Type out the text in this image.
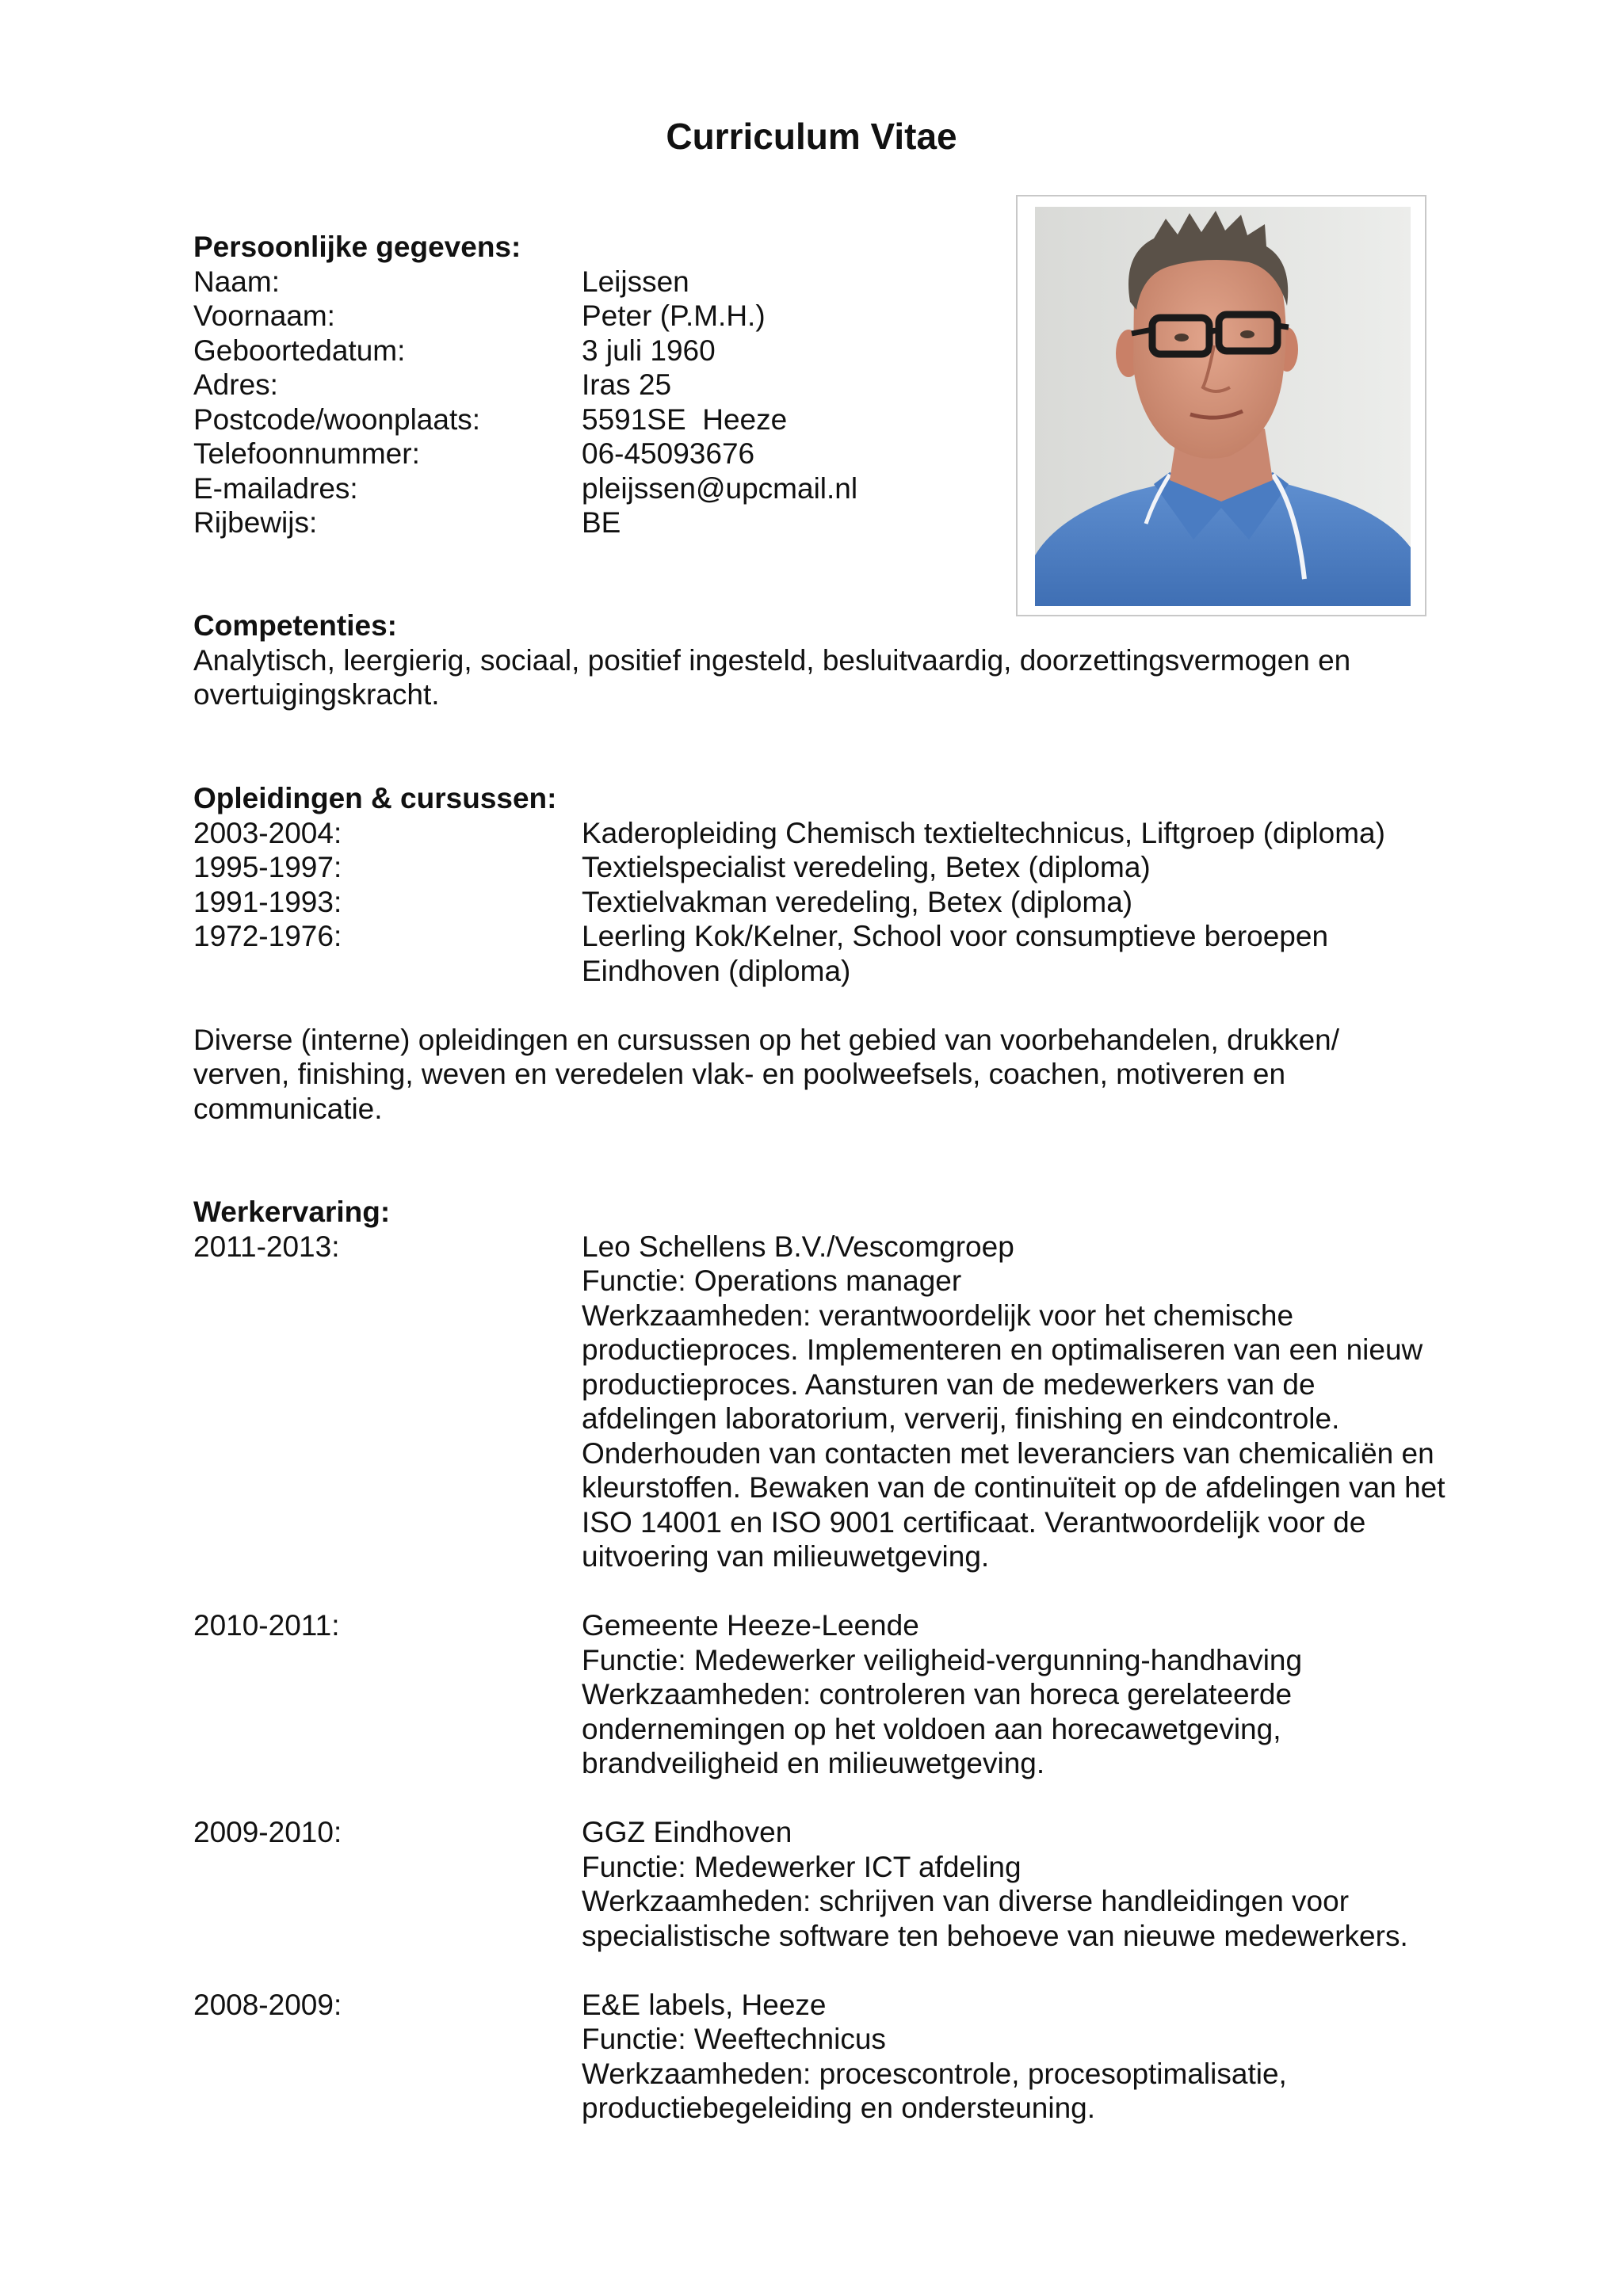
Curriculum Vitae
Persoonlijke gegevens:
Naam:	Leijssen
Voornaam:	Peter (P.M.H.)
Geboortedatum:	3 juli 1960
Adres:	Iras 25
Postcode/woonplaats:	5591SE  Heeze
Telefoonnummer:	06-45093676
E-mailadres:	pleijssen@upcmail.nl
Rijbewijs:	BE
Competenties:

Analytisch, leergierig, sociaal, positief ingesteld, besluitvaardig, doorzettingsvermogen en overtuigingskracht.

Opleidingen & cursussen:
2003-2004:	Kaderopleiding Chemisch textieltechnicus, Liftgroep (diploma)
1995-1997:	Textielspecialist veredeling, Betex (diploma)
1991-1993:	Textielvakman veredeling, Betex (diploma)
1972-1976:	Leerling Kok/Kelner, School voor consumptieve beroepen Eindhoven (diploma)

Diverse (interne) opleidingen en cursussen op het gebied van voorbehandelen, drukken/ verven, finishing, weven en veredelen vlak- en poolweefsels, coachen, motiveren en communicatie.

Werkervaring:
2011-2013:	Leo Schellens B.V./Vescomgroep
Functie: Operations manager
Werkzaamheden: verantwoordelijk voor het chemische productieproces. Implementeren en optimaliseren van een nieuw productieproces. Aansturen van de medewerkers van de afdelingen laboratorium, ververij, finishing en eindcontrole. Onderhouden van contacten met leveranciers van chemicaliën en kleurstoffen. Bewaken van de continuïteit op de afdelingen van het ISO 14001 en ISO 9001 certificaat. Verantwoordelijk voor de uitvoering van milieuwetgeving.
2010-2011:	Gemeente Heeze-Leende
Functie: Medewerker veiligheid-vergunning-handhaving
Werkzaamheden: controleren van horeca gerelateerde ondernemingen op het voldoen aan horecawetgeving, brandveiligheid en milieuwetgeving.
2009-2010:	GGZ Eindhoven
Functie: Medewerker ICT afdeling
Werkzaamheden: schrijven van diverse handleidingen voor specialistische software ten behoeve van nieuwe medewerkers.
2008-2009:	E&E labels, Heeze
Functie: Weeftechnicus
Werkzaamheden: procescontrole, procesoptimalisatie, productiebegeleiding en ondersteuning.
